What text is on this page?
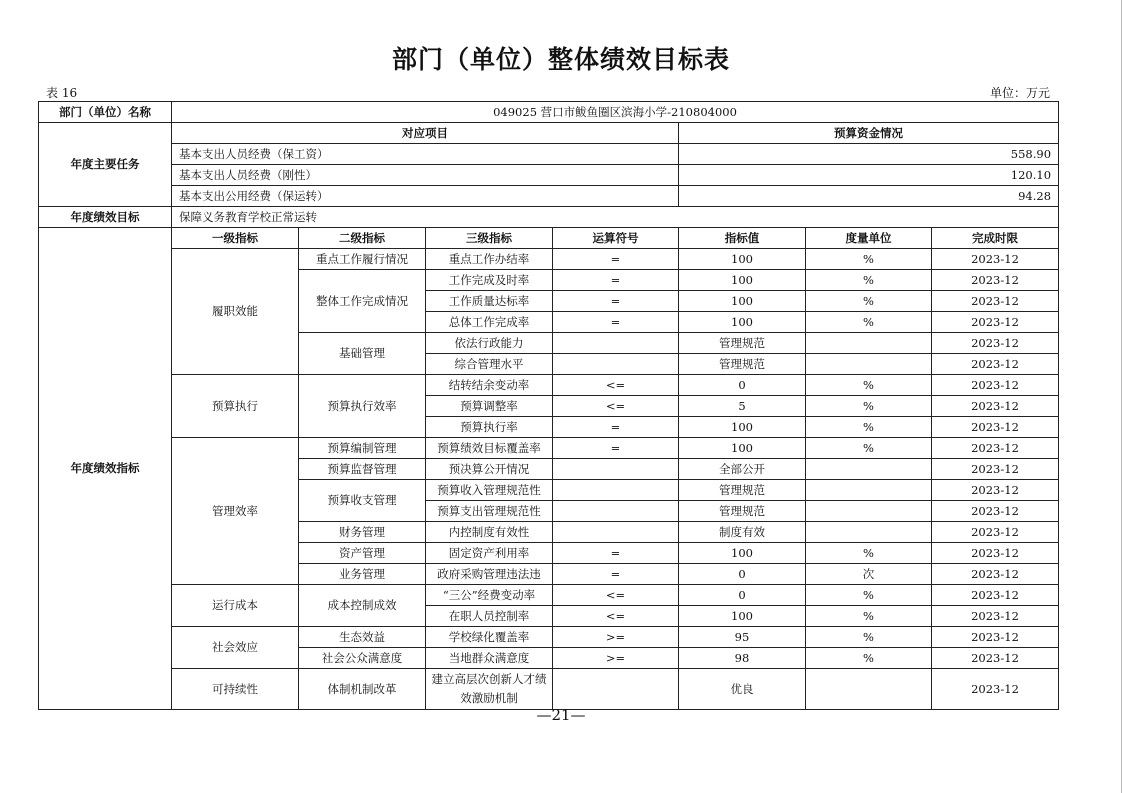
部门（单位）整体绩效目标表
表 16	单位：万元
部门（单位）名称	049025 营口市鲅鱼圈区滨海小学-210804000						
年度主要任务	对应项目				预算资金情况		
	基本支出人员经费（保工资）				558.90		
	基本支出人员经费（刚性）				120.10		
	基本支出公用经费（保运转）				94.28		
年度绩效目标	保障义务教育学校正常运转						
年度绩效指标	一级指标	二级指标	三级指标	运算符号	指标值	度量单位	完成时限
	履职效能	重点工作履行情况	重点工作办结率	=	100	%	2023-12
		整体工作完成情况	工作完成及时率	=	100	%	2023-12
			工作质量达标率	=	100	%	2023-12
			总体工作完成率	=	100	%	2023-12
		基础管理	依法行政能力		管理规范		2023-12
			综合管理水平		管理规范		2023-12
	预算执行	预算执行效率	结转结余变动率	<=	0	%	2023-12
			预算调整率	<=	5	%	2023-12
			预算执行率	=	100	%	2023-12
	管理效率	预算编制管理	预算绩效目标覆盖率	=	100	%	2023-12
		预算监督管理	预决算公开情况		全部公开		2023-12
		预算收支管理	预算收入管理规范性		管理规范		2023-12
			预算支出管理规范性		管理规范		2023-12
		财务管理	内控制度有效性		制度有效		2023-12
		资产管理	固定资产利用率	=	100	%	2023-12
		业务管理	政府采购管理违法违	=	0	次	2023-12
	运行成本	成本控制成效	“三公”经费变动率	<=	0	%	2023-12
			在职人员控制率	<=	100	%	2023-12
	社会效应	生态效益	学校绿化覆盖率	>=	95	%	2023-12
		社会公众满意度	当地群众满意度	>=	98	%	2023-12
	可持续性	体制机制改革	建立高层次创新人才绩效激励机制		优良		2023-12
—21—
